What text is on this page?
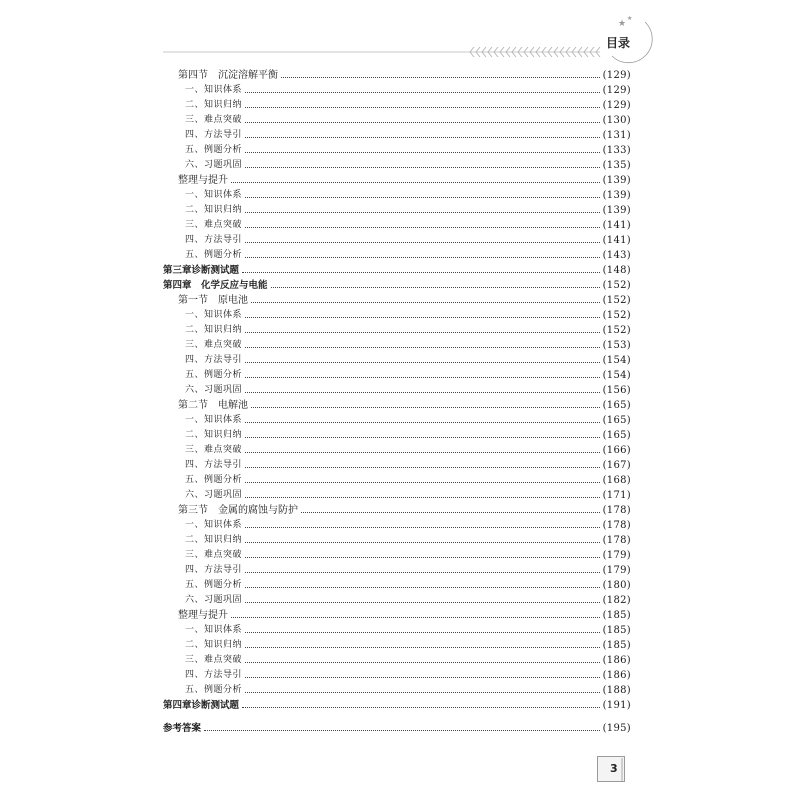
★
★
目录
第四节　沉淀溶解平衡	(129)
一、知识体系	(129)
二、知识归纳	(129)
三、难点突破	(130)
四、方法导引	(131)
五、例题分析	(133)
六、习题巩固	(135)
整理与提升	(139)
一、知识体系	(139)
二、知识归纳	(139)
三、难点突破	(141)
四、方法导引	(141)
五、例题分析	(143)
第三章诊断测试题	(148)
第四章　化学反应与电能	(152)
第一节　原电池	(152)
一、知识体系	(152)
二、知识归纳	(152)
三、难点突破	(153)
四、方法导引	(154)
五、例题分析	(154)
六、习题巩固	(156)
第二节　电解池	(165)
一、知识体系	(165)
二、知识归纳	(165)
三、难点突破	(166)
四、方法导引	(167)
五、例题分析	(168)
六、习题巩固	(171)
第三节　金属的腐蚀与防护	(178)
一、知识体系	(178)
二、知识归纳	(178)
三、难点突破	(179)
四、方法导引	(179)
五、例题分析	(180)
六、习题巩固	(182)
整理与提升	(185)
一、知识体系	(185)
二、知识归纳	(185)
三、难点突破	(186)
四、方法导引	(186)
五、例题分析	(188)
第四章诊断测试题	(191)
参考答案	(195)
3
